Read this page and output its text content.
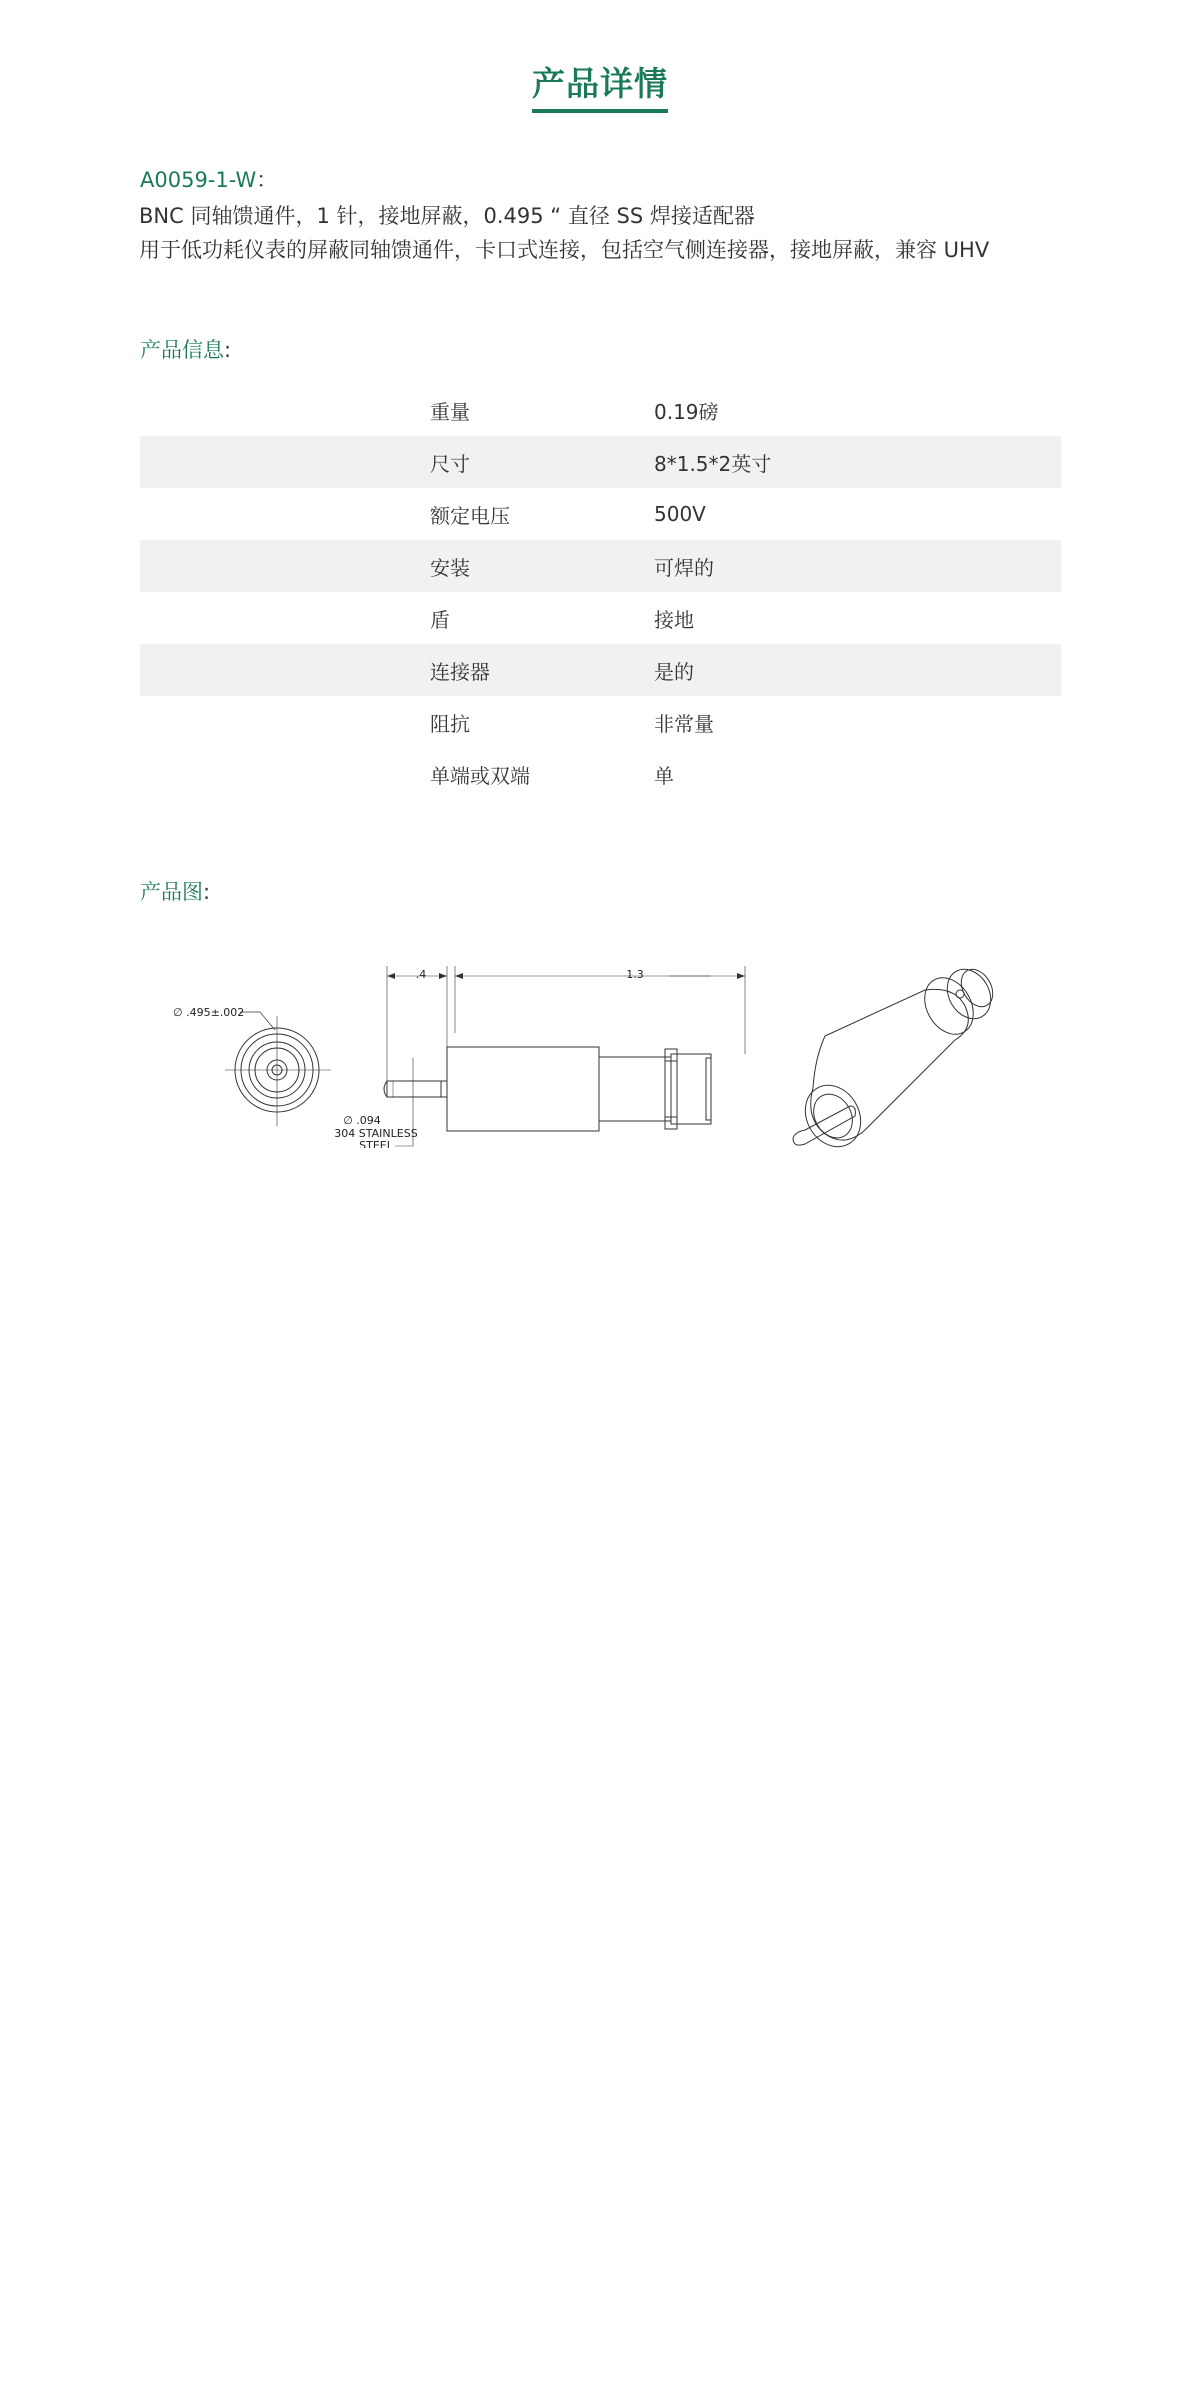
产品详情
A0059-1-W：
BNC 同轴馈通件，1 针，接地屏蔽，0.495 “ 直径 SS 焊接适配器
用于低功耗仪表的屏蔽同轴馈通件，卡口式连接，包括空气侧连接器，接地屏蔽，兼容 UHV
产品信息:
重量	0.19磅
尺寸	8*1.5*2英寸
额定电压	500V
安装	可焊的
盾	接地
连接器	是的
阻抗	非常量
单端或双端	单
产品图:
∅ .495±.002
.4	1.3
∅ .094
304 STAINLESS
STEEL
